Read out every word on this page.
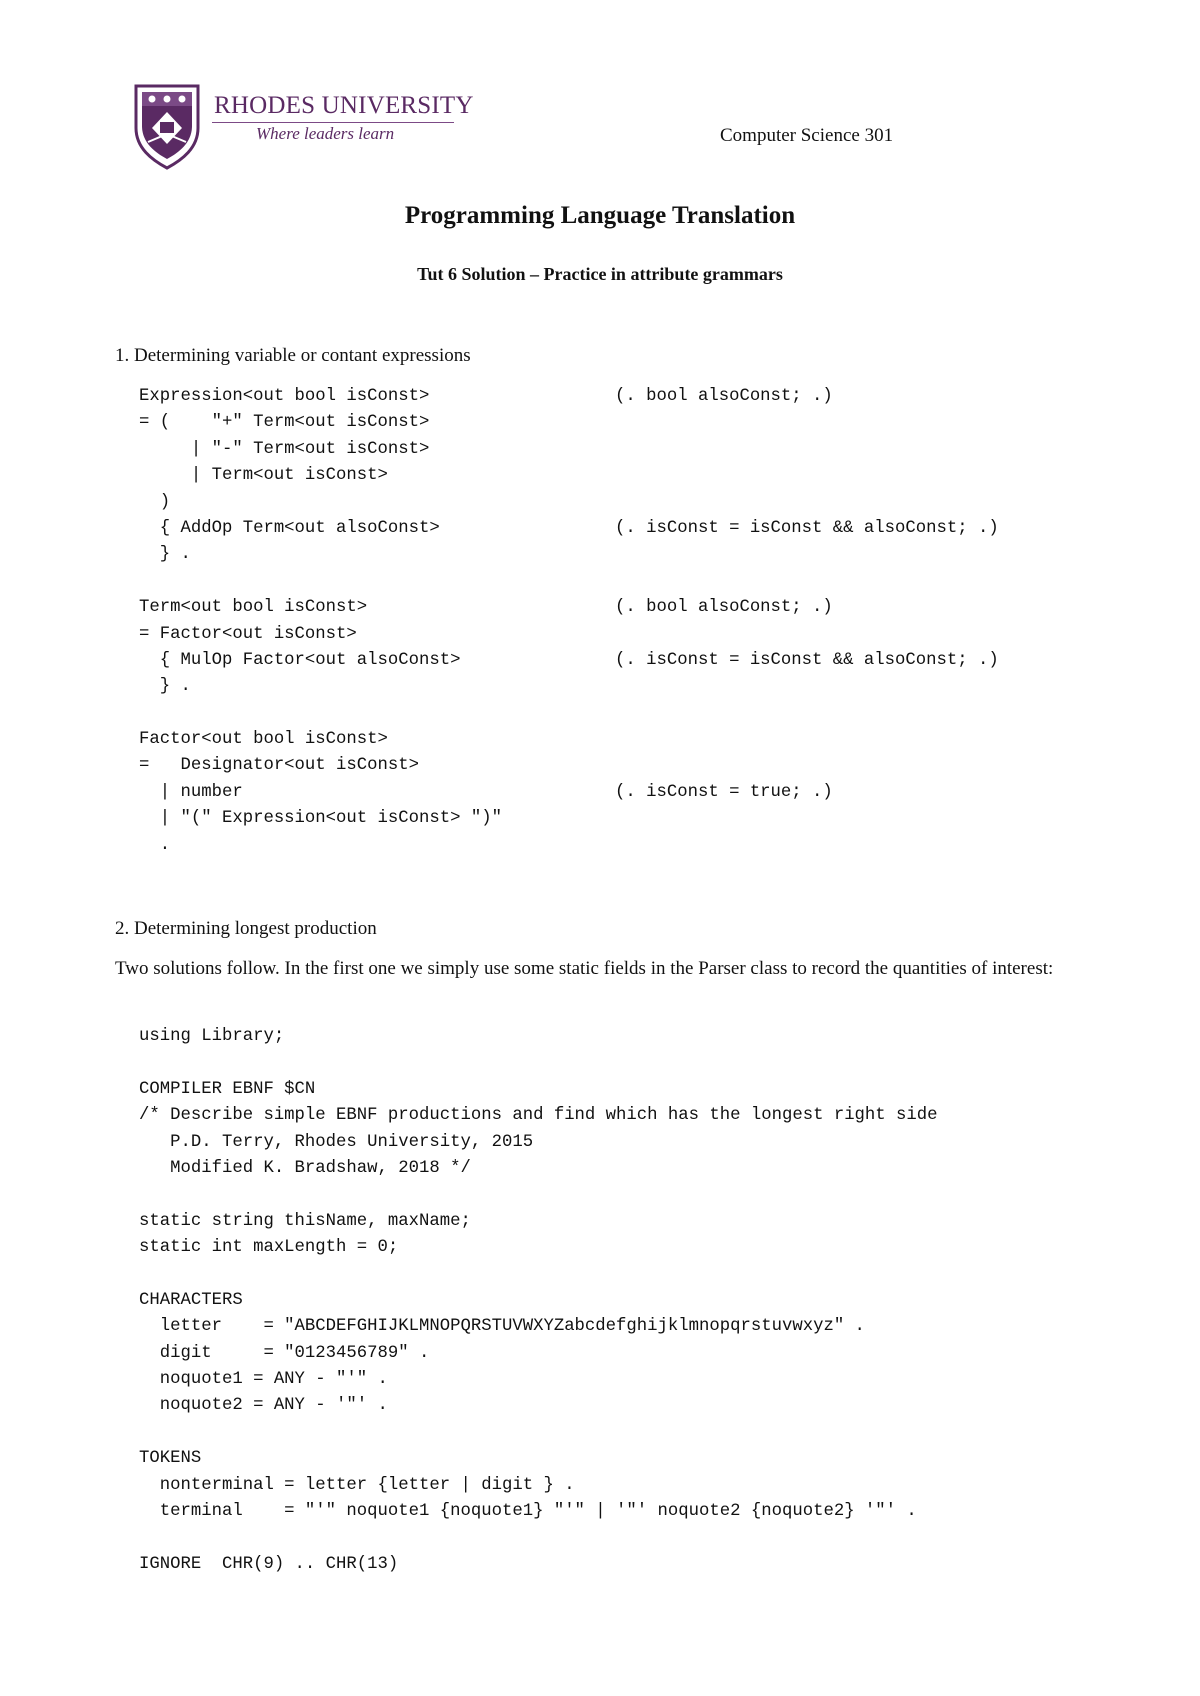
RHODES UNIVERSITY
Where leaders learn	Computer Science 301
Programming Language Translation
Tut 6 Solution – Practice in attribute grammars
1. Determining variable or contant expressions
Expression<out bool isConst>	(. bool alsoConst; .)
= (    "+" Term<out isConst>
| "-" Term<out isConst>
| Term<out isConst>
)
{ AddOp Term<out alsoConst>	(. isConst = isConst && alsoConst; .)
} .
Term<out bool isConst>	(. bool alsoConst; .)
= Factor<out isConst>
{ MulOp Factor<out alsoConst>	(. isConst = isConst && alsoConst; .)
} .
Factor<out bool isConst>
=   Designator<out isConst>
| number	(. isConst = true; .)
| "(" Expression<out isConst> ")"
.
2. Determining longest production
Two solutions follow. In the first one we simply use some static fields in the Parser class to record the quantities of interest:
using Library;
COMPILER EBNF $CN
/* Describe simple EBNF productions and find which has the longest right side
P.D. Terry, Rhodes University, 2015
Modified K. Bradshaw, 2018 */
static string thisName, maxName;
static int maxLength = 0;
CHARACTERS
letter    = "ABCDEFGHIJKLMNOPQRSTUVWXYZabcdefghijklmnopqrstuvwxyz" .
digit     = "0123456789" .
noquote1 = ANY - "'" .
noquote2 = ANY - '"' .
TOKENS
nonterminal = letter {letter | digit } .
terminal    = "'" noquote1 {noquote1} "'" | '"' noquote2 {noquote2} '"' .
IGNORE  CHR(9) .. CHR(13)
